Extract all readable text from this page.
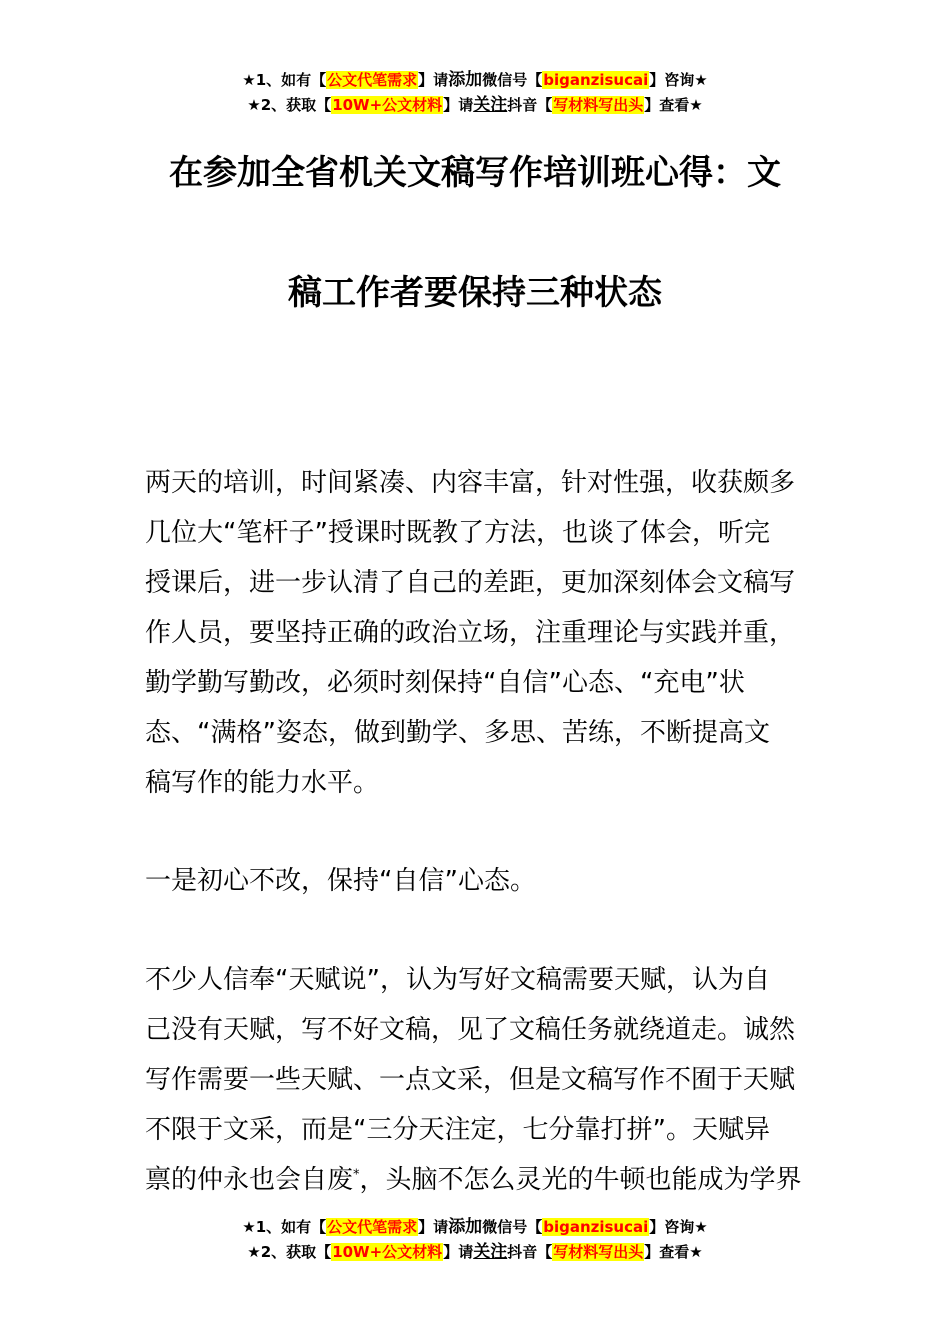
★1、如有【公文代笔需求】请添加微信号【biganzisucai】咨询★
★2、获取【10W+公文材料】请关注抖音【写材料写出头】查看★
在参加全省机关文稿写作培训班心得：文
稿工作者要保持三种状态
两天的培训，时间紧凑、内容丰富，针对性强，收获颇多
几位大“笔杆子”授课时既教了方法，也谈了体会，听完
授课后，进一步认清了自己的差距，更加深刻体会文稿写
作人员，要坚持正确的政治立场，注重理论与实践并重，
勤学勤写勤改，必须时刻保持“自信”心态、“充电”状
态、“满格”姿态，做到勤学、多思、苦练，不断提高文
稿写作的能力水平。
一是初心不改，保持“自信”心态。
不少人信奉“天赋说”，认为写好文稿需要天赋，认为自
己没有天赋，写不好文稿，见了文稿任务就绕道走。诚然
写作需要一些天赋、一点文采，但是文稿写作不囿于天赋
不限于文采，而是“三分天注定，七分靠打拼”。天赋异
禀的仲永也会自废*，头脑不怎么灵光的牛顿也能成为学界
★1、如有【公文代笔需求】请添加微信号【biganzisucai】咨询★
★2、获取【10W+公文材料】请关注抖音【写材料写出头】查看★
